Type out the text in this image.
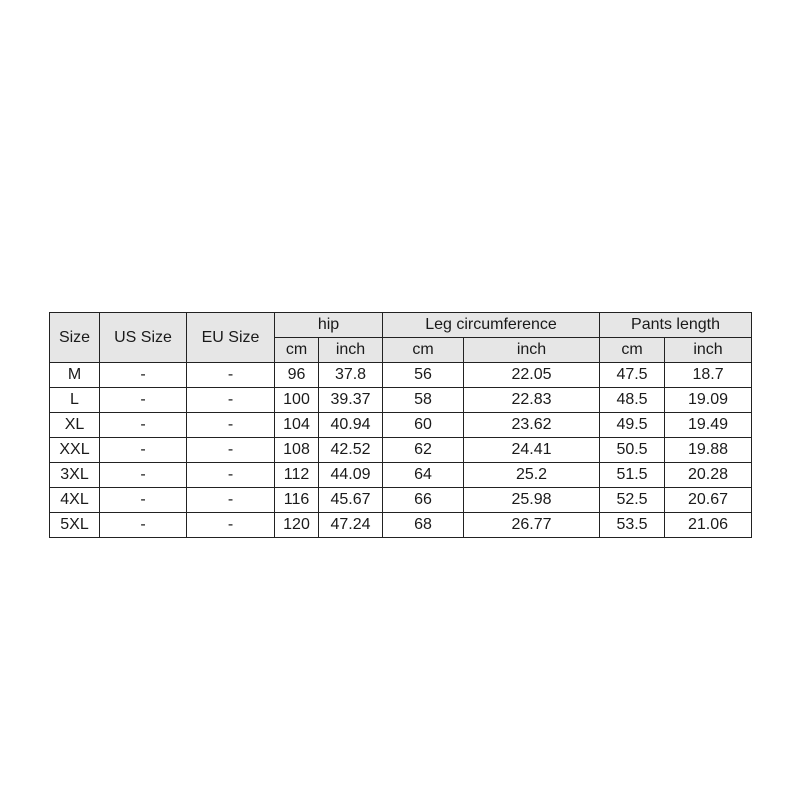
Size	US Size	EU Size	hip		Leg circumference		Pants length	
			cm	inch	cm	inch	cm	inch
M	-	-	96	37.8	56	22.05	47.5	18.7
L	-	-	100	39.37	58	22.83	48.5	19.09
XL	-	-	104	40.94	60	23.62	49.5	19.49
XXL	-	-	108	42.52	62	24.41	50.5	19.88
3XL	-	-	112	44.09	64	25.2	51.5	20.28
4XL	-	-	116	45.67	66	25.98	52.5	20.67
5XL	-	-	120	47.24	68	26.77	53.5	21.06
